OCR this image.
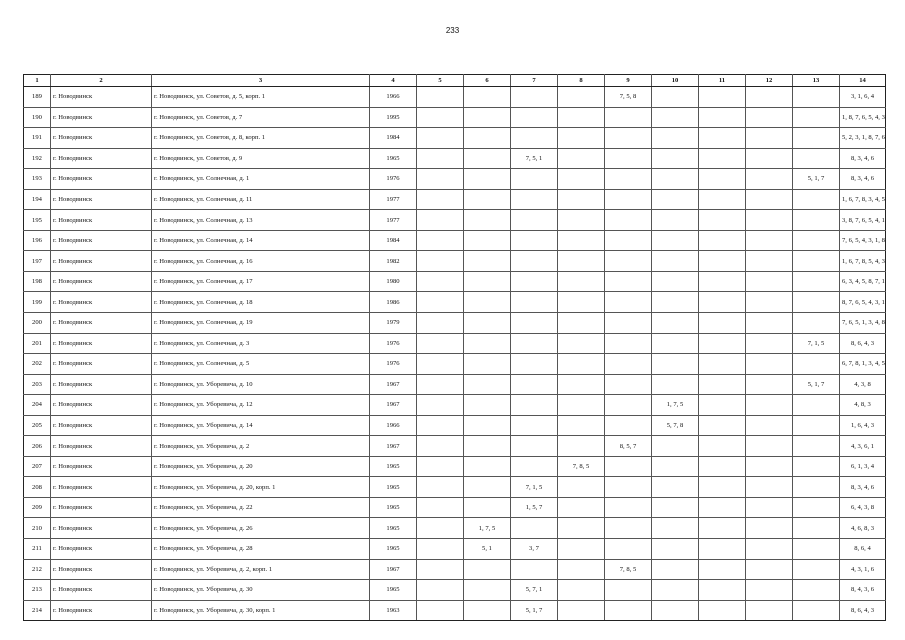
233
1	2	3	4	5	6	7	8	9	10	11	12	13	14
189	г. Новодвинск	г. Новодвинск, ул. Советов, д. 5, корп. 1	1966					7, 5, 8					3, 1, 6, 4
190	г. Новодвинск	г. Новодвинск, ул. Советов, д. 7	1995										1, 8, 7, 6, 5, 4, 3
191	г. Новодвинск	г. Новодвинск, ул. Советов, д. 8, корп. 1	1984										5, 2, 3, 1, 8, 7, 6
192	г. Новодвинск	г. Новодвинск, ул. Советов, д. 9	1965			7, 5, 1							8, 3, 4, 6
193	г. Новодвинск	г. Новодвинск, ул. Солнечная, д. 1	1976									5, 1, 7	8, 3, 4, 6
194	г. Новодвинск	г. Новодвинск, ул. Солнечная, д. 11	1977										1, 6, 7, 8, 3, 4, 5
195	г. Новодвинск	г. Новодвинск, ул. Солнечная, д. 13	1977										3, 8, 7, 6, 5, 4, 1
196	г. Новодвинск	г. Новодвинск, ул. Солнечная, д. 14	1984										7, 6, 5, 4, 3, 1, 8
197	г. Новодвинск	г. Новодвинск, ул. Солнечная, д. 16	1982										1, 6, 7, 8, 5, 4, 3
198	г. Новодвинск	г. Новодвинск, ул. Солнечная, д. 17	1980										6, 3, 4, 5, 8, 7, 1
199	г. Новодвинск	г. Новодвинск, ул. Солнечная, д. 18	1986										8, 7, 6, 5, 4, 3, 1
200	г. Новодвинск	г. Новодвинск, ул. Солнечная, д. 19	1979										7, 6, 5, 1, 3, 4, 8
201	г. Новодвинск	г. Новодвинск, ул. Солнечная, д. 3	1976									7, 1, 5	8, 6, 4, 3
202	г. Новодвинск	г. Новодвинск, ул. Солнечная, д. 5	1976										6, 7, 8, 1, 3, 4, 5
203	г. Новодвинск	г. Новодвинск, ул. Уборевича, д. 10	1967									5, 1, 7	4, 3, 8
204	г. Новодвинск	г. Новодвинск, ул. Уборевича, д. 12	1967						1, 7, 5				4, 8, 3
205	г. Новодвинск	г. Новодвинск, ул. Уборевича, д. 14	1966						5, 7, 8				1, 6, 4, 3
206	г. Новодвинск	г. Новодвинск, ул. Уборевича, д. 2	1967					8, 5, 7					4, 3, 6, 1
207	г. Новодвинск	г. Новодвинск, ул. Уборевича, д. 20	1965				7, 8, 5						6, 1, 3, 4
208	г. Новодвинск	г. Новодвинск, ул. Уборевича, д. 20, корп. 1	1965			7, 1, 5							8, 3, 4, 6
209	г. Новодвинск	г. Новодвинск, ул. Уборевича, д. 22	1965			1, 5, 7							6, 4, 3, 8
210	г. Новодвинск	г. Новодвинск, ул. Уборевича, д. 26	1965		1, 7, 5								4, 6, 8, 3
211	г. Новодвинск	г. Новодвинск, ул. Уборевича, д. 28	1965		5, 1	3, 7							8, 6, 4
212	г. Новодвинск	г. Новодвинск, ул. Уборевича, д. 2, корп. 1	1967					7, 8, 5					4, 3, 1, 6
213	г. Новодвинск	г. Новодвинск, ул. Уборевича, д. 30	1965			5, 7, 1							8, 4, 3, 6
214	г. Новодвинск	г. Новодвинск, ул. Уборевича, д. 30, корп. 1	1963			5, 1, 7							8, 6, 4, 3
